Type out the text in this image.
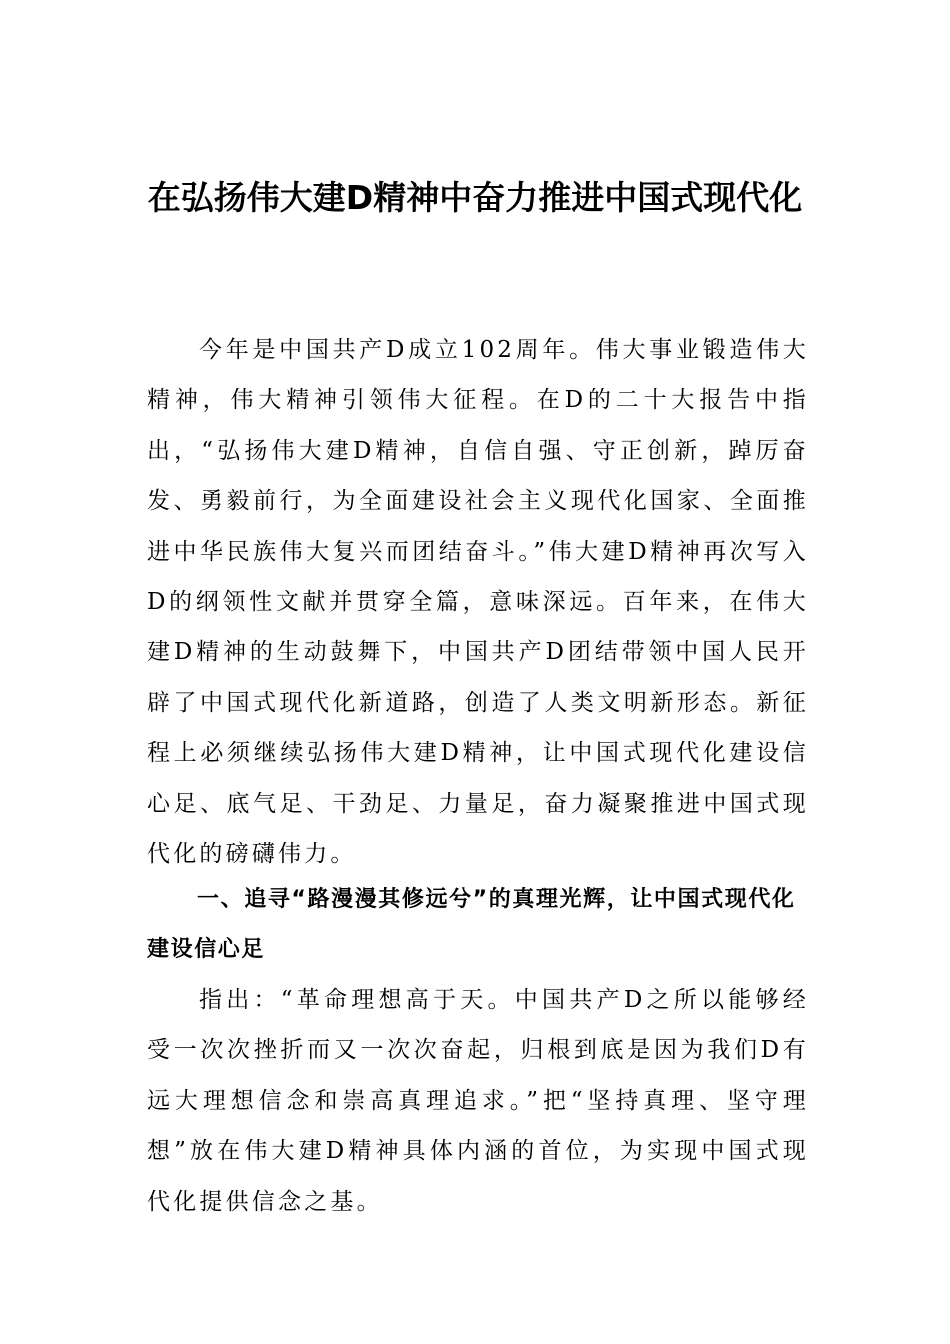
在弘扬伟大建D精神中奋力推进中国式现代化

今年是中国共产D成立102周年。伟大事业锻造伟大精神，伟大精神引领伟大征程。在D的二十大报告中指出，“弘扬伟大建D精神，自信自强、守正创新，踔厉奋发、勇毅前行，为全面建设社会主义现代化国家、全面推进中华民族伟大复兴而团结奋斗。”伟大建D精神再次写入D的纲领性文献并贯穿全篇，意味深远。百年来，在伟大建D精神的生动鼓舞下，中国共产D团结带领中国人民开辟了中国式现代化新道路，创造了人类文明新形态。新征程上必须继续弘扬伟大建D精神，让中国式现代化建设信心足、底气足、干劲足、力量足，奋力凝聚推进中国式现代化的磅礴伟力。

一、追寻“路漫漫其修远兮”的真理光辉，让中国式现代化建设信心足

指出：“革命理想高于天。中国共产D之所以能够经受一次次挫折而又一次次奋起，归根到底是因为我们D有远大理想信念和崇高真理追求。”把“坚持真理、坚守理想”放在伟大建D精神具体内涵的首位，为实现中国式现代化提供信念之基。
